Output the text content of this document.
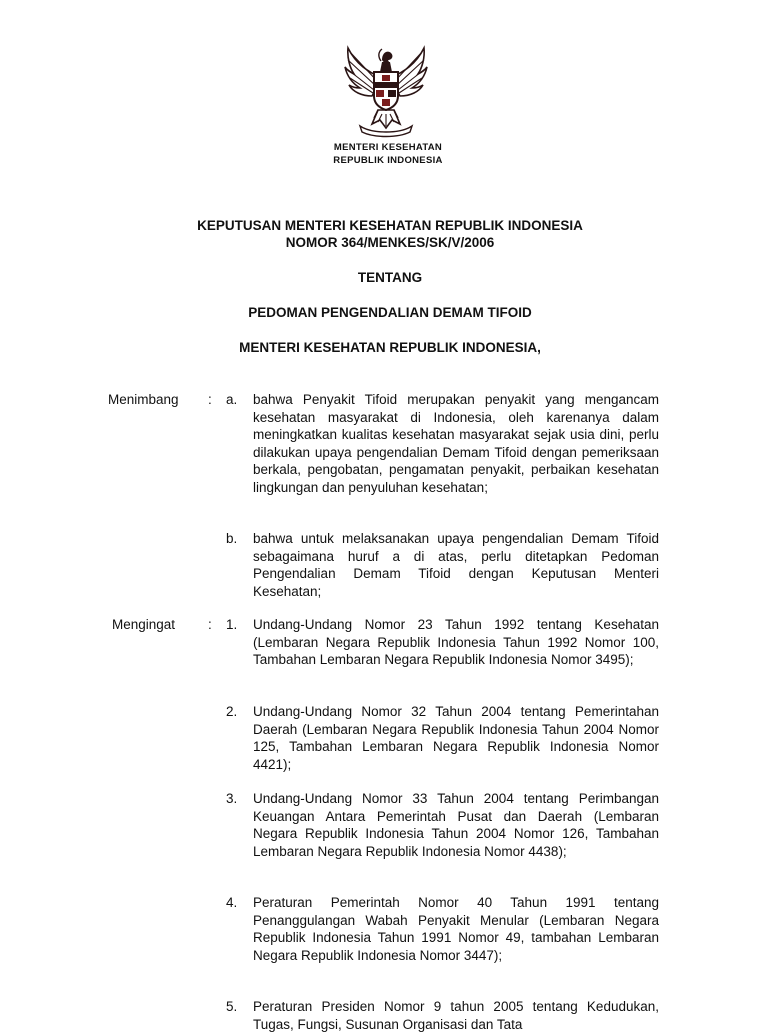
MENTERI KESEHATAN
REPUBLIK INDONESIA
KEPUTUSAN MENTERI KESEHATAN REPUBLIK INDONESIA
NOMOR 364/MENKES/SK/V/2006
TENTANG
PEDOMAN PENGENDALIAN DEMAM TIFOID
MENTERI KESEHATAN REPUBLIK INDONESIA,
Menimbang : a. bahwa Penyakit Tifoid merupakan penyakit yang mengancam kesehatan masyarakat di Indonesia, oleh karenanya dalam meningkatkan kualitas kesehatan masyarakat sejak usia dini, perlu dilakukan upaya pengendalian Demam Tifoid dengan pemeriksaan berkala, pengobatan, pengamatan penyakit, perbaikan kesehatan lingkungan dan penyuluhan kesehatan;
b. bahwa untuk melaksanakan upaya pengendalian Demam Tifoid sebagaimana huruf a di atas, perlu ditetapkan Pedoman Pengendalian Demam Tifoid dengan Keputusan Menteri Kesehatan;
Mengingat : 1. Undang-Undang Nomor 23 Tahun 1992 tentang Kesehatan (Lembaran Negara Republik Indonesia Tahun 1992 Nomor 100, Tambahan Lembaran Negara Republik Indonesia Nomor 3495);
2. Undang-Undang Nomor 32 Tahun 2004 tentang Pemerintahan Daerah (Lembaran Negara Republik Indonesia Tahun 2004 Nomor 125, Tambahan Lembaran Negara Republik Indonesia Nomor 4421);
3. Undang-Undang Nomor 33 Tahun 2004 tentang Perimbangan Keuangan Antara Pemerintah Pusat dan Daerah (Lembaran Negara Republik Indonesia Tahun 2004 Nomor 126, Tambahan Lembaran Negara Republik Indonesia Nomor 4438);
4. Peraturan Pemerintah Nomor 40 Tahun 1991 tentang Penanggulangan Wabah Penyakit Menular (Lembaran Negara Republik Indonesia Tahun 1991 Nomor 49, tambahan Lembaran Negara Republik Indonesia Nomor 3447);
5. Peraturan Presiden Nomor 9 tahun 2005 tentang Kedudukan, Tugas, Fungsi, Susunan Organisasi dan Tata
